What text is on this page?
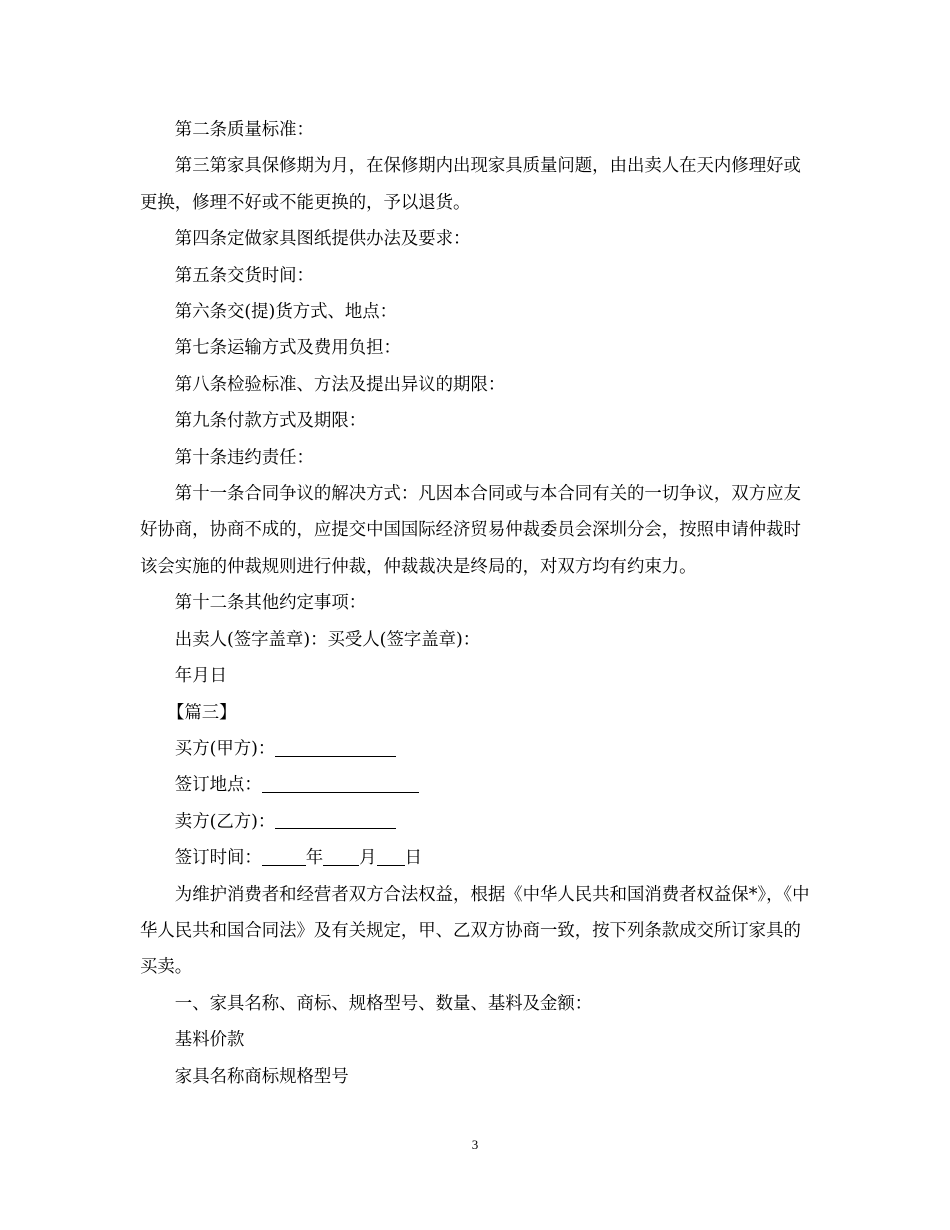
第二条质量标准：

第三第家具保修期为月，在保修期内出现家具质量问题，由出卖人在天内修理好或更换，修理不好或不能更换的，予以退货。

第四条定做家具图纸提供办法及要求：

第五条交货时间：

第六条交(提)货方式、地点：

第七条运输方式及费用负担：

第八条检验标准、方法及提出异议的期限：

第九条付款方式及期限：

第十条违约责任：

第十一条合同争议的解决方式：凡因本合同或与本合同有关的一切争议，双方应友好协商，协商不成的，应提交中国国际经济贸易仲裁委员会深圳分会，按照申请仲裁时该会实施的仲裁规则进行仲裁，仲裁裁决是终局的，对双方均有约束力。

第十二条其他约定事项：

出卖人(签字盖章)：买受人(签字盖章)：

年月日

【篇三】

买方(甲方)：

签订地点：

卖方(乙方)：

签订时间：	年 月 日

为维护消费者和经营者双方合法权益，根据《中华人民共和国消费者权益保*》，《中华人民共和国合同法》及有关规定，甲、乙双方协商一致，按下列条款成交所订家具的买卖。

一、家具名称、商标、规格型号、数量、基料及金额：

基料价款

家具名称商标规格型号

3
